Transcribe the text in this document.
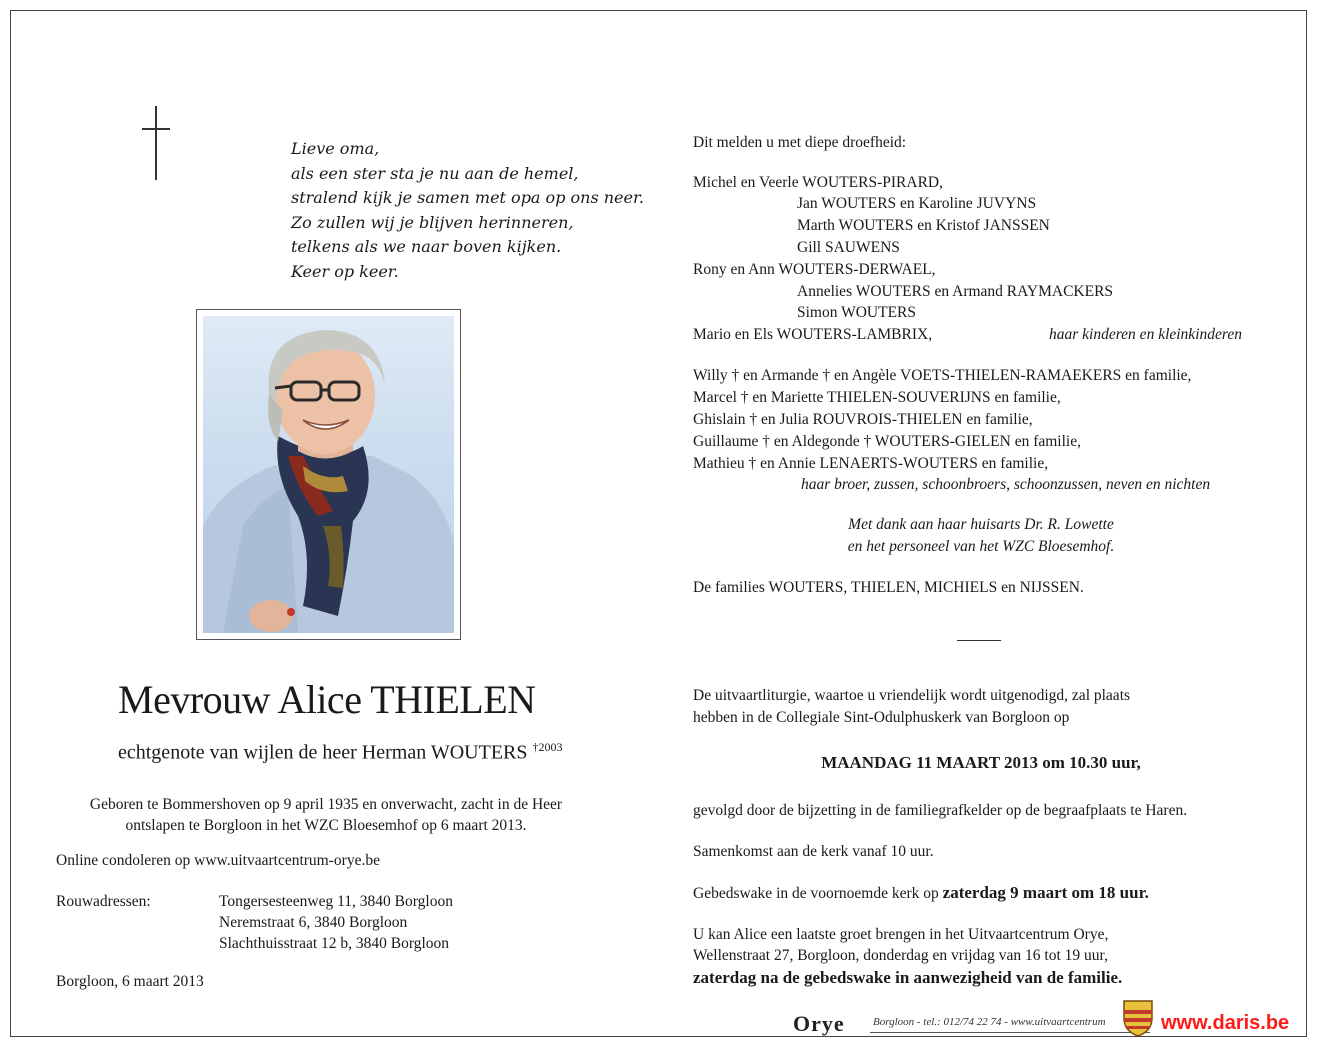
Lieve oma,
als een ster sta je nu aan de hemel,
stralend kijk je samen met opa op ons neer.
Zo zullen wij je blijven herinneren,
telkens als we naar boven kijken.
Keer op keer.
Mevrouw Alice THIELEN
echtgenote van wijlen de heer Herman WOUTERS $^{\dagger 2003}$
Geboren te Bommershoven op 9 april 1935 en onverwacht, zacht in de Heer
ontslapen te Borgloon in het WZC Bloesemhof op 6 maart 2013.
Online condoleren op www.uitvaartcentrum-orye.be
Rouwadressen:	Tongersesteenweg 11, 3840 Borgloon
Neremstraat 6, 3840 Borgloon
Slachthuisstraat 12 b, 3840 Borgloon
Borgloon, 6 maart 2013
Dit melden u met diepe droefheid:
Michel en Veerle WOUTERS-PIRARD,
Jan WOUTERS en Karoline JUVYNS
Marth WOUTERS en Kristof JANSSEN
Gill SAUWENS
Rony en Ann WOUTERS-DERWAEL,
Annelies WOUTERS en Armand RAYMACKERS
Simon WOUTERS
Mario en Els WOUTERS-LAMBRIX,	haar kinderen en kleinkinderen
Willy † en Armande † en Angèle VOETS-THIELEN-RAMAEKERS en familie,
Marcel † en Mariette THIELEN-SOUVERIJNS en familie,
Ghislain † en Julia ROUVROIS-THIELEN en familie,
Guillaume † en Aldegonde † WOUTERS-GIELEN en familie,
Mathieu † en Annie LENAERTS-WOUTERS en familie,
haar broer, zussen, schoonbroers, schoonzussen, neven en nichten
Met dank aan haar huisarts Dr. R. Lowette
en het personeel van het WZC Bloesemhof.
De families WOUTERS, THIELEN, MICHIELS en NIJSSEN.
De uitvaartliturgie, waartoe u vriendelijk wordt uitgenodigd, zal plaats
hebben in de Collegiale Sint-Odulphuskerk van Borgloon op
MAANDAG 11 MAART 2013 om 10.30 uur,
gevolgd door de bijzetting in de familiegrafkelder op de begraafplaats te Haren.
Samenkomst aan de kerk vanaf 10 uur.
Gebedswake in de voornoemde kerk op zaterdag 9 maart om 18 uur.
U kan Alice een laatste groet brengen in het Uitvaartcentrum Orye,
Wellenstraat 27, Borgloon, donderdag en vrijdag van 16 tot 19 uur,
zaterdag na de gebedswake in aanwezigheid van de familie.
Orye	Borgloon - tel.: 012/74 22 74 - www.uitvaartcentrum	www.daris.be
